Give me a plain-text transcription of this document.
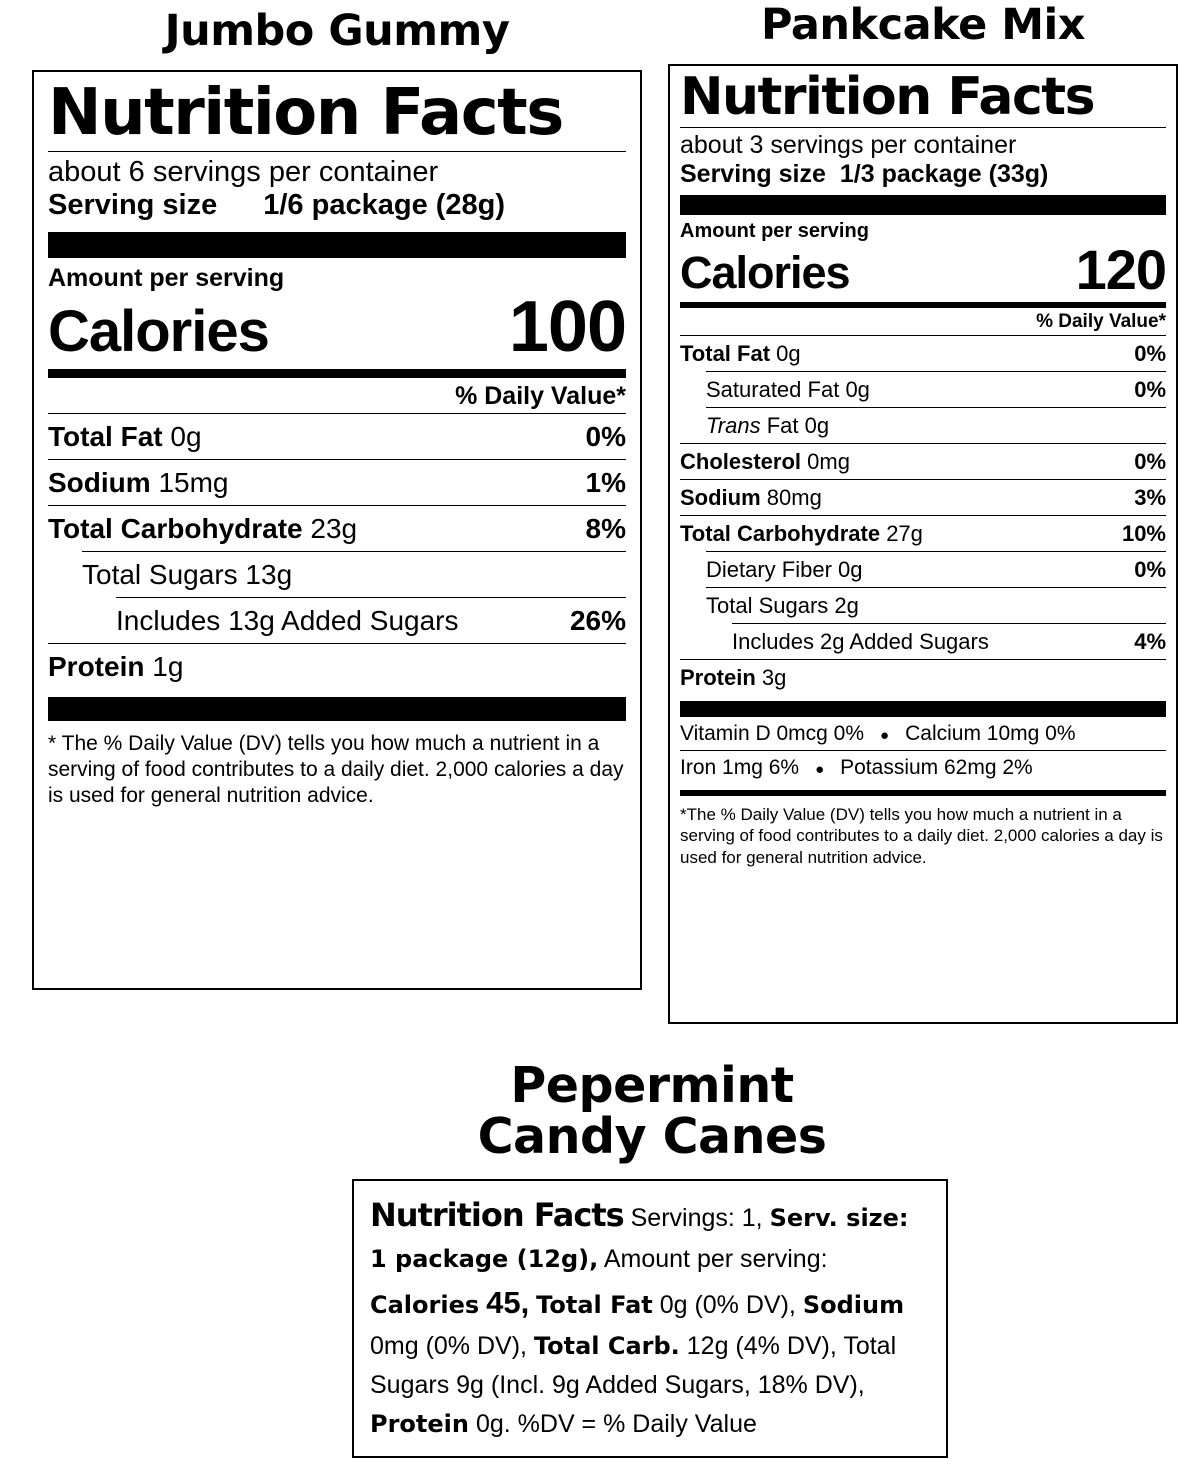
Jumbo Gummy
Nutrition Facts
about 6 servings per container
Serving size 1/6 package (28g)
Amount per serving
Calories	100
% Daily Value*
Total Fat 0g	0%
Sodium 15mg	1%
Total Carbohydrate 23g	8%
Total Sugars 13g
Includes 13g Added Sugars	26%
Protein 1g
* The % Daily Value (DV) tells you how much a nutrient in a serving of food contributes to a daily diet. 2,000 calories a day is used for general nutrition advice.
Pankcake Mix
Nutrition Facts
about 3 servings per container
Serving size 1/3 package (33g)
Amount per serving
Calories	120
% Daily Value*
Total Fat 0g	0%
Saturated Fat 0g	0%
Trans Fat 0g
Cholesterol 0mg	0%
Sodium 80mg	3%
Total Carbohydrate 27g	10%
Dietary Fiber 0g	0%
Total Sugars 2g
Includes 2g Added Sugars	4%
Protein 3g
Vitamin D 0mcg 0% ● Calcium 10mg 0%
Iron 1mg 6% ● Potassium 62mg 2%
*The % Daily Value (DV) tells you how much a nutrient in a serving of food contributes to a daily diet. 2,000 calories a day is used for general nutrition advice.
Pepermint
Candy Canes
Nutrition Facts Servings: 1, Serv. size: 1 package (12g), Amount per serving: Calories 45, Total Fat 0g (0% DV), Sodium 0mg (0% DV), Total Carb. 12g (4% DV), Total Sugars 9g (Incl. 9g Added Sugars, 18% DV), Protein 0g. %DV = % Daily Value
